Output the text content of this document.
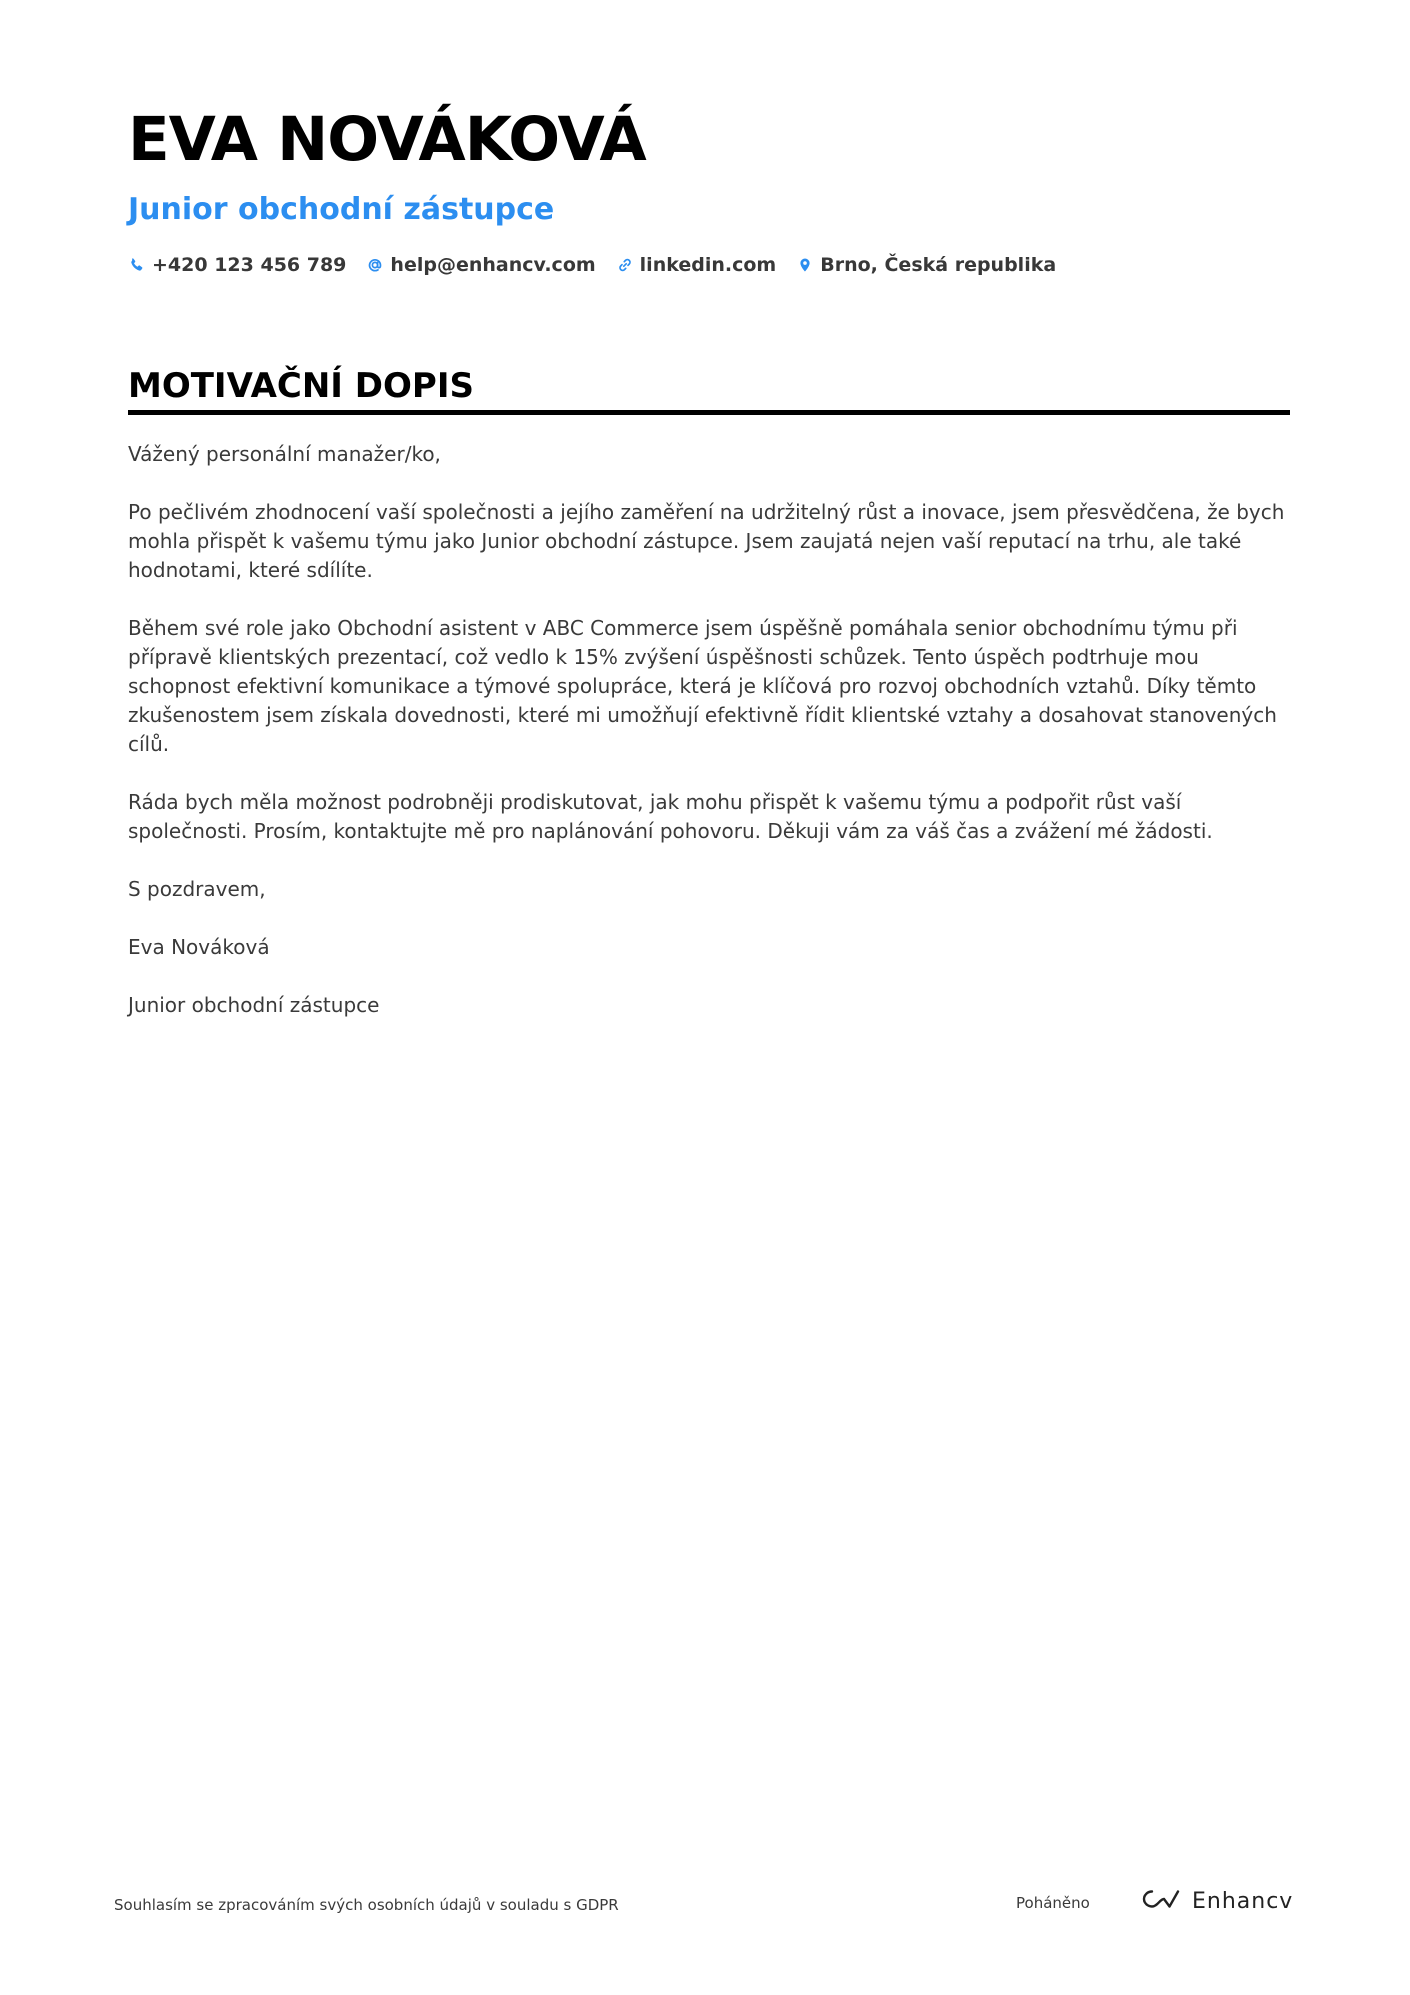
EVA NOVÁKOVÁ
Junior obchodní zástupce
+420 123 456 789 help@enhancv.com linkedin.com Brno, Česká republika
MOTIVAČNÍ DOPIS

Vážený personální manažer/ko,

Po pečlivém zhodnocení vaší společnosti a jejího zaměření na udržitelný růst a inovace, jsem přesvědčena, že bych mohla přispět k vašemu týmu jako Junior obchodní zástupce. Jsem zaujatá nejen vaší reputací na trhu, ale také hodnotami, které sdílíte.

Během své role jako Obchodní asistent v ABC Commerce jsem úspěšně pomáhala senior obchodnímu týmu při přípravě klientských prezentací, což vedlo k 15% zvýšení úspěšnosti schůzek. Tento úspěch podtrhuje mou schopnost efektivní komunikace a týmové spolupráce, která je klíčová pro rozvoj obchodních vztahů. Díky těmto zkušenostem jsem získala dovednosti, které mi umožňují efektivně řídit klientské vztahy a dosahovat stanovených cílů.

Ráda bych měla možnost podrobněji prodiskutovat, jak mohu přispět k vašemu týmu a podpořit růst vaší společnosti. Prosím, kontaktujte mě pro naplánování pohovoru. Děkuji vám za váš čas a zvážení mé žádosti.

S pozdravem,

Eva Nováková

Junior obchodní zástupce

Souhlasím se zpracováním svých osobních údajů v souladu s GDPR	Poháněno	Enhancv
